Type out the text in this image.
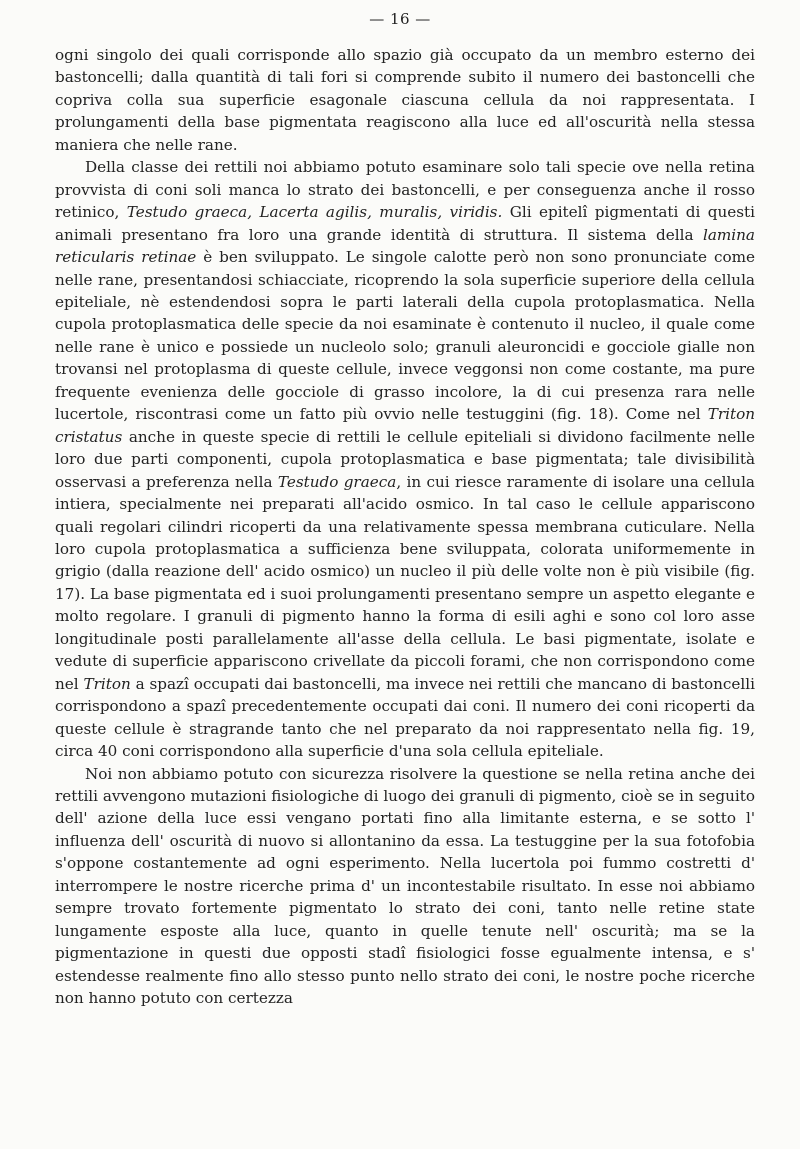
— 16 —

ogni singolo dei quali corrisponde allo spazio già occupato da un membro esterno dei bastoncelli; dalla quantità di tali fori si comprende subito il numero dei bastoncelli che copriva colla sua superficie esagonale ciascuna cellula da noi rappresentata. I prolungamenti della base pigmentata reagiscono alla luce ed all'oscurità nella stessa maniera che nelle rane.

Della classe dei rettili noi abbiamo potuto esaminare solo tali specie ove nella retina provvista di coni soli manca lo strato dei bastoncelli, e per conseguenza anche il rosso retinico, Testudo graeca, Lacerta agilis, muralis, viridis. Gli epitelî pigmentati di questi animali presentano fra loro una grande identità di struttura. Il sistema della lamina reticularis retinae è ben sviluppato. Le singole calotte però non sono pronunciate come nelle rane, presentandosi schiacciate, ricoprendo la sola superficie superiore della cellula epiteliale, nè estendendosi sopra le parti laterali della cupola protoplasmatica. Nella cupola protoplasmatica delle specie da noi esaminate è contenuto il nucleo, il quale come nelle rane è unico e possiede un nucleolo solo; granuli aleuroncidi e gocciole gialle non trovansi nel protoplasma di queste cellule, invece veggonsi non come costante, ma pure frequente evenienza delle gocciole di grasso incolore, la di cui presenza rara nelle lucertole, riscontrasi come un fatto più ovvio nelle testuggini (fig. 18). Come nel Triton cristatus anche in queste specie di rettili le cellule epiteliali si dividono facilmente nelle loro due parti componenti, cupola protoplasmatica e base pigmentata; tale divisibilità osservasi a preferenza nella Testudo graeca, in cui riesce raramente di isolare una cellula intiera, specialmente nei preparati all'acido osmico. In tal caso le cellule appariscono quali regolari cilindri ricoperti da una relativamente spessa membrana cuticulare. Nella loro cupola protoplasmatica a sufficienza bene sviluppata, colorata uniformemente in grigio (dalla reazione dell' acido osmico) un nucleo il più delle volte non è più visibile (fig. 17). La base pigmentata ed i suoi prolungamenti presentano sempre un aspetto elegante e molto regolare. I granuli di pigmento hanno la forma di esili aghi e sono col loro asse longitudinale posti parallelamente all'asse della cellula. Le basi pigmentate, isolate e vedute di superficie appariscono crivellate da piccoli forami, che non corrispondono come nel Triton a spazî occupati dai bastoncelli, ma invece nei rettili che mancano di bastoncelli corrispondono a spazî precedentemente occupati dai coni. Il numero dei coni ricoperti da queste cellule è stragrande tanto che nel preparato da noi rappresentato nella fig. 19, circa 40 coni corrispondono alla superficie d'una sola cellula epiteliale.

Noi non abbiamo potuto con sicurezza risolvere la questione se nella retina anche dei rettili avvengono mutazioni fisiologiche di luogo dei granuli di pigmento, cioè se in seguito dell' azione della luce essi vengano portati fino alla limitante esterna, e se sotto l' influenza dell' oscurità di nuovo si allontanino da essa. La testuggine per la sua fotofobia s'oppone costantemente ad ogni esperimento. Nella lucertola poi fummo costretti d' interrompere le nostre ricerche prima d' un incontestabile risultato. In esse noi abbiamo sempre trovato fortemente pigmentato lo strato dei coni, tanto nelle retine state lungamente esposte alla luce, quanto in quelle tenute nell' oscurità; ma se la pigmentazione in questi due opposti stadî fisiologici fosse egualmente intensa, e s' estendesse realmente fino allo stesso punto nello strato dei coni, le nostre poche ricerche non hanno potuto con certezza
